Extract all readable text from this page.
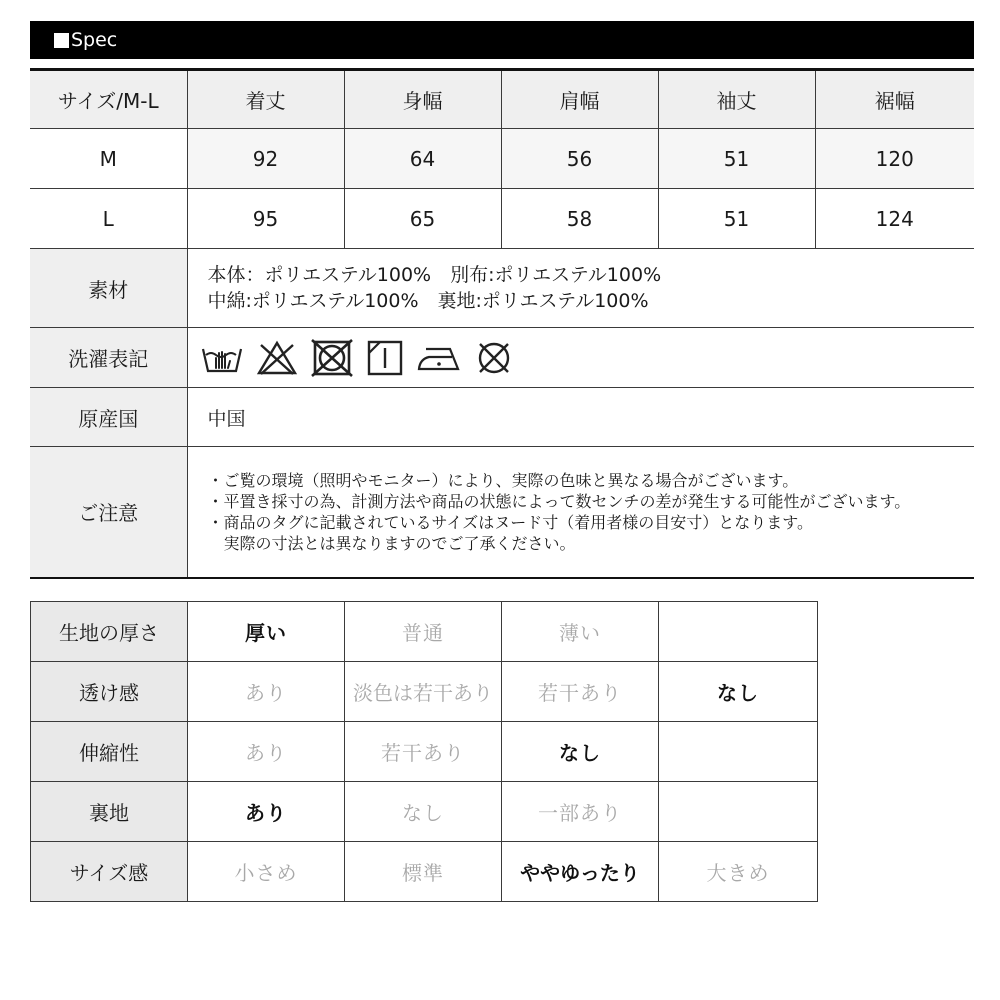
Spec
サイズ/M-L	着丈	身幅	肩幅	袖丈	裾幅
M	92	64	56	51	120
L	95	65	58	51	124
素材	本体：ポリエステル100%　別布:ポリエステル100%
中綿:ポリエステル100%　裏地:ポリエステル100%				

洗濯表記	

原産国	中国				
ご注意	・ご覧の環境（照明やモニター）により、実際の色味と異なる場合がございます。
・平置き採寸の為、計測方法や商品の状態によって数センチの差が発生する可能性がございます。
・商品のタグに記載されているサイズはヌード寸（着用者様の目安寸）となります。
　実際の寸法とは異なりますのでご了承ください。				
生地の厚さ	厚い	普通	薄い	
透け感	あり	淡色は若干あり	若干あり	なし
伸縮性	あり	若干あり	なし	
裏地	あり	なし	一部あり	
サイズ感	小さめ	標準	ややゆったり	大きめ
